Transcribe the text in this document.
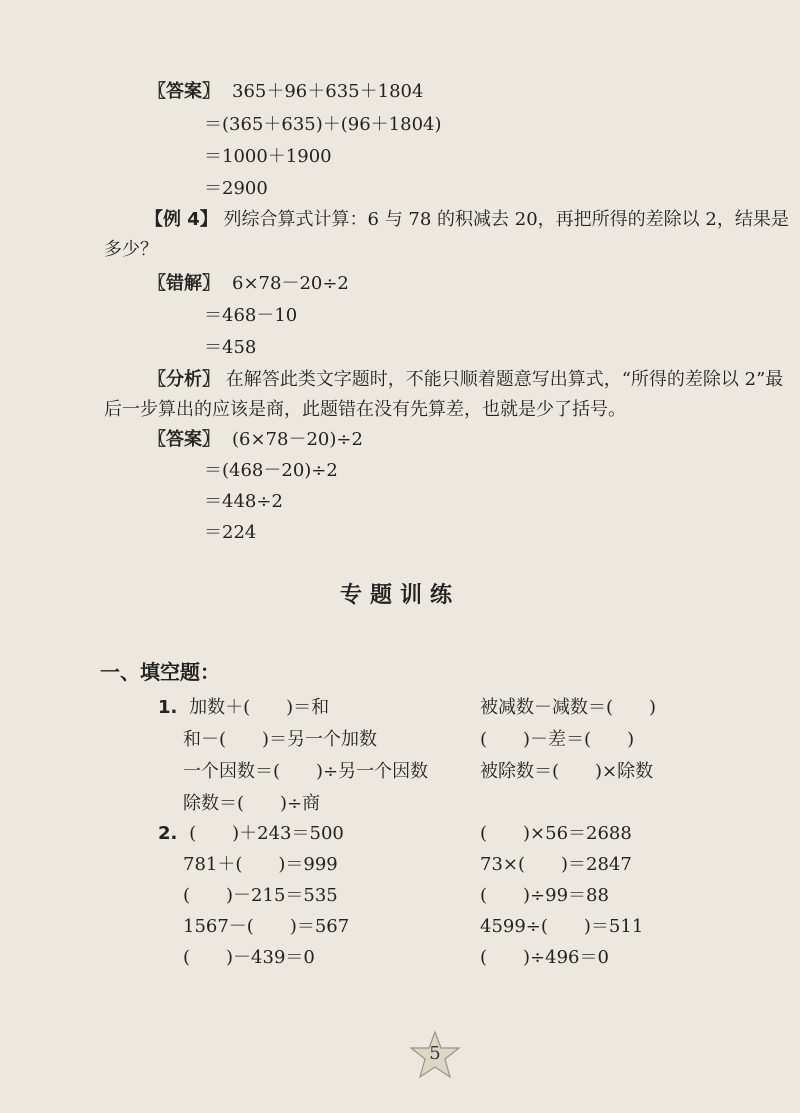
〖答案〗 365＋96＋635＋1804
＝(365＋635)＋(96＋1804)
＝1000＋1900
＝2900
【例 4】 列综合算式计算：6 与 78 的积减去 20，再把所得的差除以 2，结果是
多少？
〖错解〗 6×78－20÷2
＝468－10
＝458
〖分析〗 在解答此类文字题时，不能只顺着题意写出算式，“所得的差除以 2”最
后一步算出的应该是商，此题错在没有先算差，也就是少了括号。
〖答案〗 (6×78－20)÷2
＝(468－20)÷2
＝448÷2
＝224
专题训练
一、填空题：
1. 加数＋(　　)＝和
和－(　　)＝另一个加数
一个因数＝(　　)÷另一个因数
除数＝(　　)÷商
被减数－减数＝(　　)
(　　)－差＝(　　)
被除数＝(　　)×除数
2. (　　)＋243＝500
781＋(　　)＝999
(　　)－215＝535
1567－(　　)＝567
(　　)－439＝0
(　　)×56＝2688
73×(　　)＝2847
(　　)÷99＝88
4599÷(　　)＝511
(　　)÷496＝0
5
